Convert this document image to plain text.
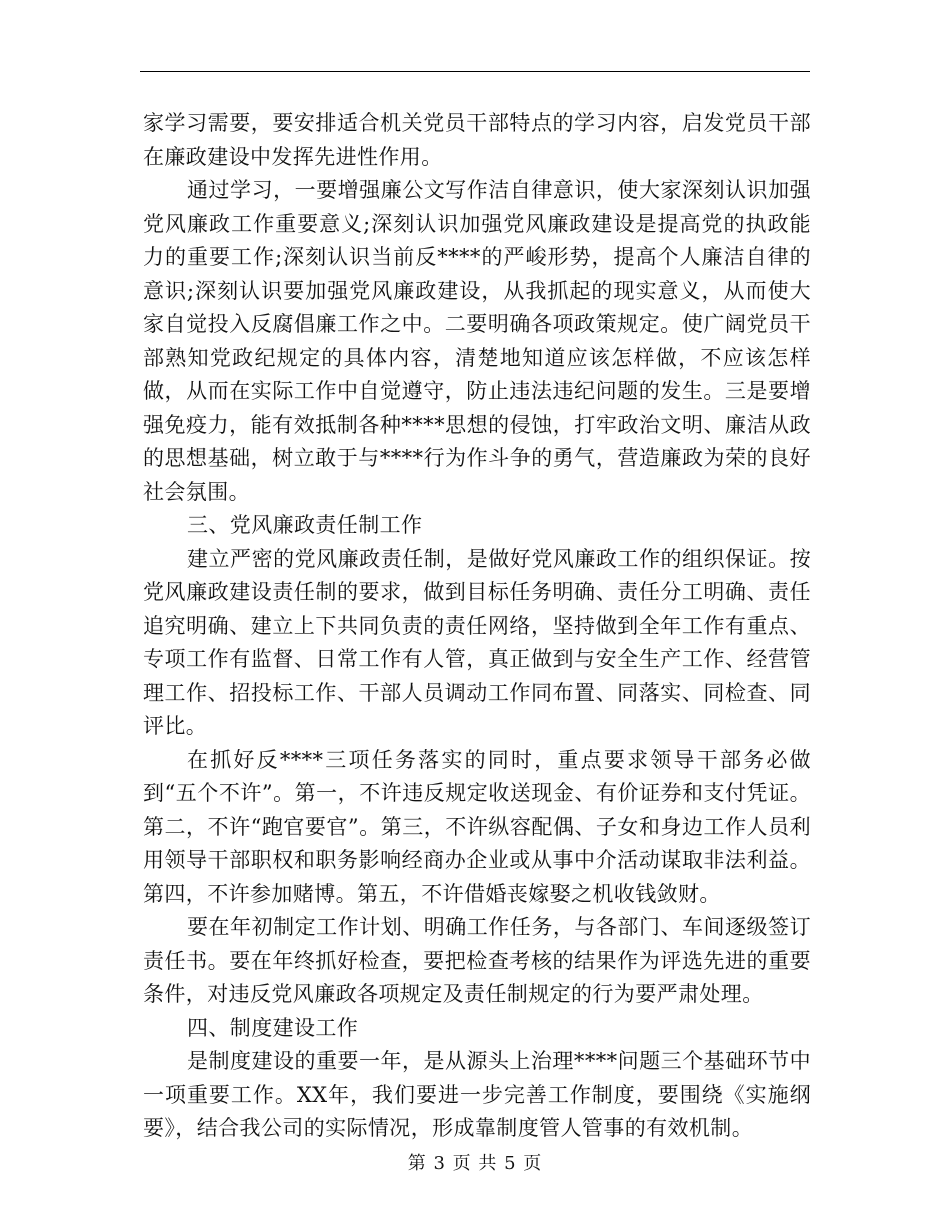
家学习需要，要安排适合机关党员干部特点的学习内容，启发党员干部在廉政建设中发挥先进性作用。

通过学习，一要增强廉公文写作洁自律意识，使大家深刻认识加强党风廉政工作重要意义;深刻认识加强党风廉政建设是提高党的执政能力的重要工作;深刻认识当前反****的严峻形势，提高个人廉洁自律的意识;深刻认识要加强党风廉政建设，从我抓起的现实意义，从而使大家自觉投入反腐倡廉工作之中。二要明确各项政策规定。使广阔党员干部熟知党政纪规定的具体内容，清楚地知道应该怎样做，不应该怎样做，从而在实际工作中自觉遵守，防止违法违纪问题的发生。三是要增强免疫力，能有效抵制各种****思想的侵蚀，打牢政治文明、廉洁从政的思想基础，树立敢于与****行为作斗争的勇气，营造廉政为荣的良好社会氛围。

三、党风廉政责任制工作

建立严密的党风廉政责任制，是做好党风廉政工作的组织保证。按党风廉政建设责任制的要求，做到目标任务明确、责任分工明确、责任追究明确、建立上下共同负责的责任网络，坚持做到全年工作有重点、专项工作有监督、日常工作有人管，真正做到与安全生产工作、经营管理工作、招投标工作、干部人员调动工作同布置、同落实、同检查、同评比。

在抓好反****三项任务落实的同时，重点要求领导干部务必做到“五个不许”。第一，不许违反规定收送现金、有价证券和支付凭证。第二，不许“跑官要官”。第三，不许纵容配偶、子女和身边工作人员利用领导干部职权和职务影响经商办企业或从事中介活动谋取非法利益。第四，不许参加赌博。第五，不许借婚丧嫁娶之机收钱敛财。

要在年初制定工作计划、明确工作任务，与各部门、车间逐级签订责任书。要在年终抓好检查，要把检查考核的结果作为评选先进的重要条件，对违反党风廉政各项规定及责任制规定的行为要严肃处理。

四、制度建设工作

是制度建设的重要一年，是从源头上治理****问题三个基础环节中一项重要工作。XX年，我们要进一步完善工作制度，要围绕《实施纲要》，结合我公司的实际情况，形成靠制度管人管事的有效机制。

第 3 页 共 5 页
